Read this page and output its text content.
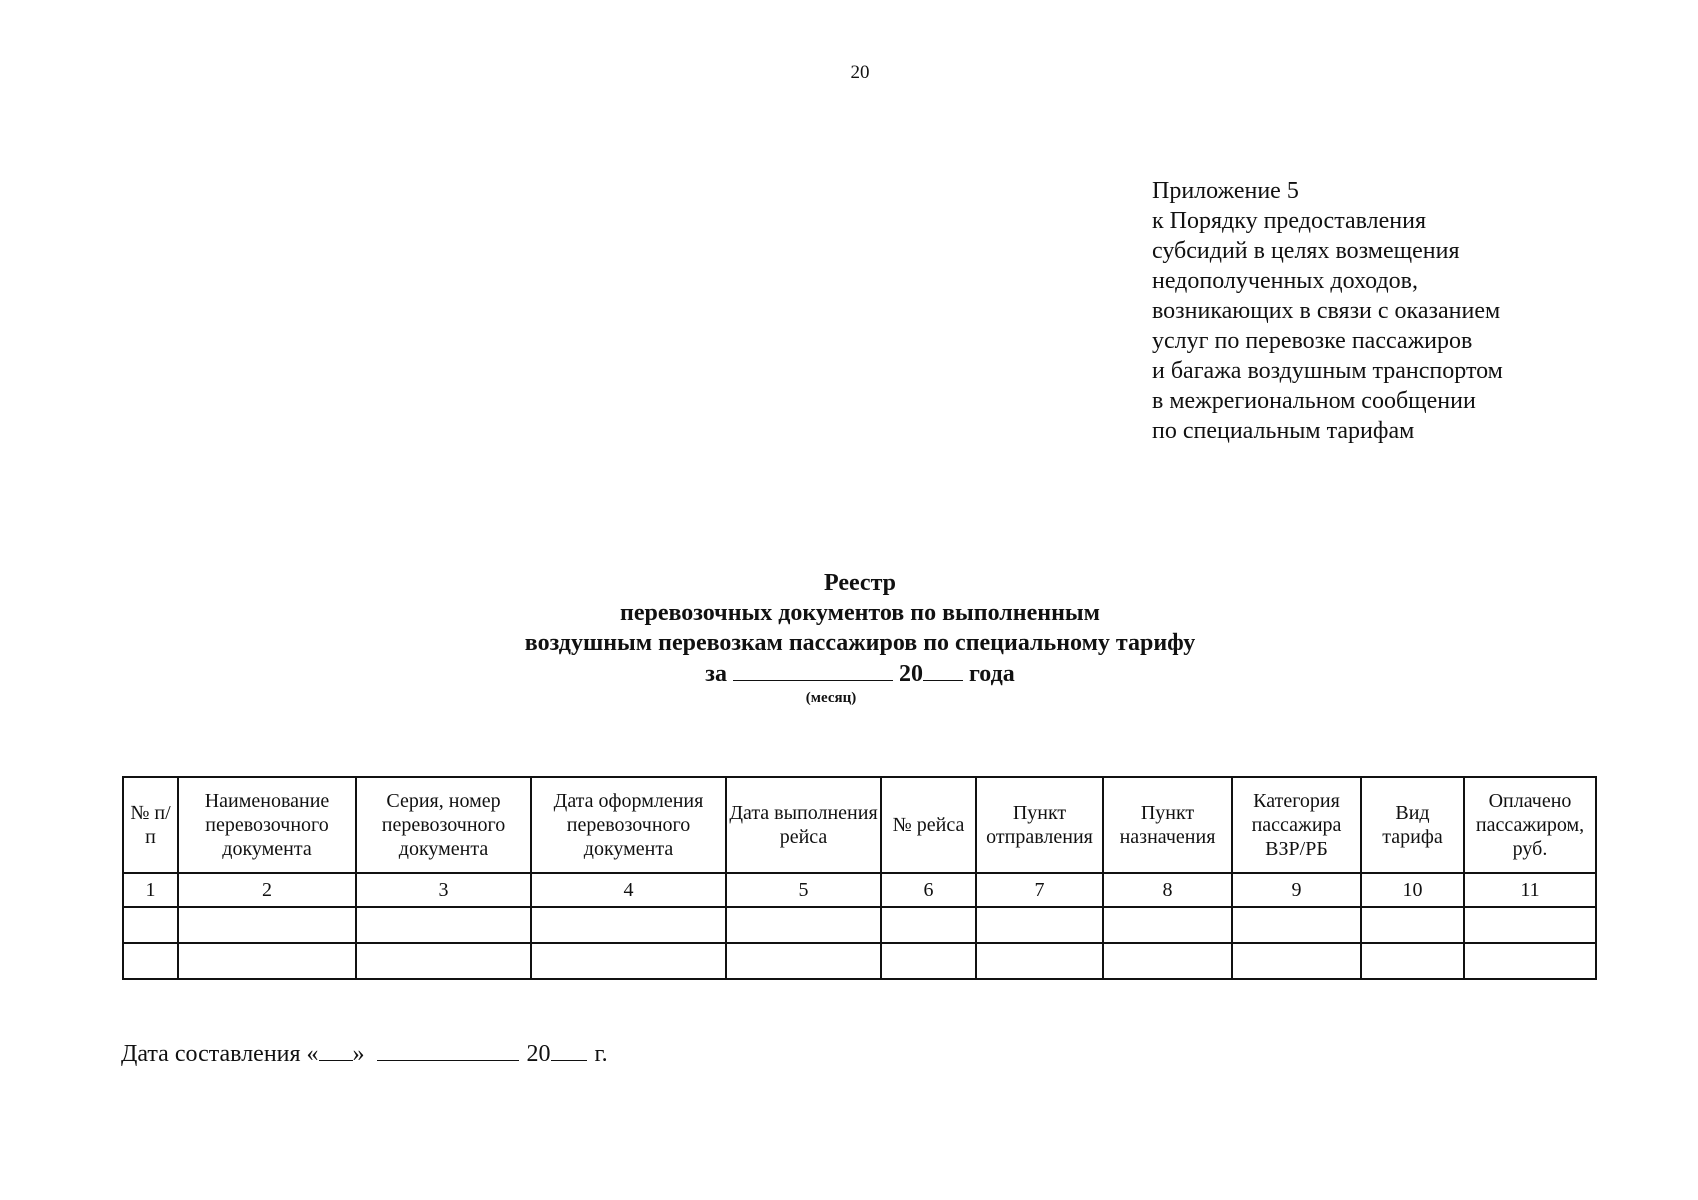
20
Приложение 5
к Порядку предоставления
субсидий в целях возмещения
недополученных доходов,
возникающих в связи с оказанием
услуг по перевозке пассажиров
и багажа воздушным транспортом
в межрегиональном сообщении
по специальным тарифам
Реестр
перевозочных документов по выполненным
воздушным перевозкам пассажиров по специальному тарифу
за	20 года
(месяц)
№ п/п	Наименование перевозочного документа	Серия, номер перевозочного документа	Дата оформления перевозочного документа	Дата выполнения рейса	№ рейса	Пункт отправления	Пункт назначения	Категория пассажира ВЗР/РБ	Вид тарифа	Оплачено пассажиром, руб.
1	2	3	4	5	6	7	8	9	10	11

Дата составления « »	20 г.
